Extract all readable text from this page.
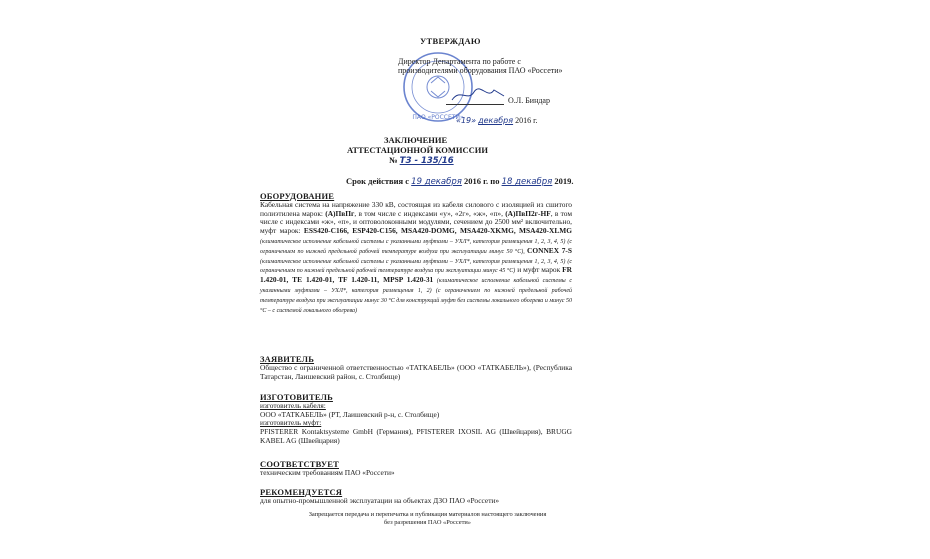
ПАО «РОССЕТИ»
УТВЕРЖДАЮ
Директор Департамента по работе с производителями оборудования ПАО «Россети»
О.Л. Биндар
«19» декабря 2016 г.
ЗАКЛЮЧЕНИЕ
АТТЕСТАЦИОННОЙ КОМИССИИ
№ ТЗ - 135/16
Срок действия с 19 декабря 2016 г. по 18 декабря 2019.
ОБОРУДОВАНИЕ
Кабельная система на напряжение 330 кВ, состоящая из кабеля силового с изоляцией из сшитого полиэтилена марок: (А)ПвПг, в том числе с индексами «у», «2г», «ж», «п», (А)ПвП2г-HF, в том числе с индексами «ж», «п», и оптоволоконными модулями, сечением до 2500 мм² включительно, муфт марок: ESS420-C166, ESP420-C156, MSA420-DOMG, MSA420-XKMG, MSA420-XLMG (климатическое исполнение кабельной системы с указанными муфтами – УХЛ*, категория размещения 1, 2, 3, 4, 5) (с ограничением по нижней предельной рабочей температуре воздуха при эксплуатации минус 50 °С), CONNEX 7-S (климатическое исполнение кабельной системы с указанными муфтами – УХЛ*, категория размещения 1, 2, 3, 4, 5) (с ограничением по нижней предельной рабочей температуре воздуха при эксплуатации минус 45 °С) и муфт марок FR 1.420-01, TE 1.420-01, TF 1.420-11, MPSP 1.420-31 (климатическое исполнение кабельной системы с указанными муфтами – УХЛ*, категория размещения 1, 2) (с ограничением по нижней предельной рабочей температуре воздуха при эксплуатации минус 30 °С для конструкций муфт без системы локального обогрева и минус 50 °С – с системой локального обогрева)
ЗАЯВИТЕЛЬ
Общество с ограниченной ответственностью «ТАТКАБЕЛЬ» (ООО «ТАТКАБЕЛЬ»), (Республика Татарстан, Лаишевский район, с. Столбище)
ИЗГОТОВИТЕЛЬ
изготовитель кабеля:
ООО «ТАТКАБЕЛЬ» (РТ, Лаишевский р-н, с. Столбище)
изготовитель муфт:
PFISTERER Kontaktsysteme GmbH (Германия), PFISTERER IXOSIL AG (Швейцария), BRUGG KABEL AG (Швейцария)
СООТВЕТСТВУЕТ
техническим требованиям ПАО «Россети»
РЕКОМЕНДУЕТСЯ
для опытно-промышленной эксплуатации на объектах ДЗО ПАО «Россети»
Запрещается передача и перепечатка и публикация материалов настоящего заключения
без разрешения ПАО «Россети»
